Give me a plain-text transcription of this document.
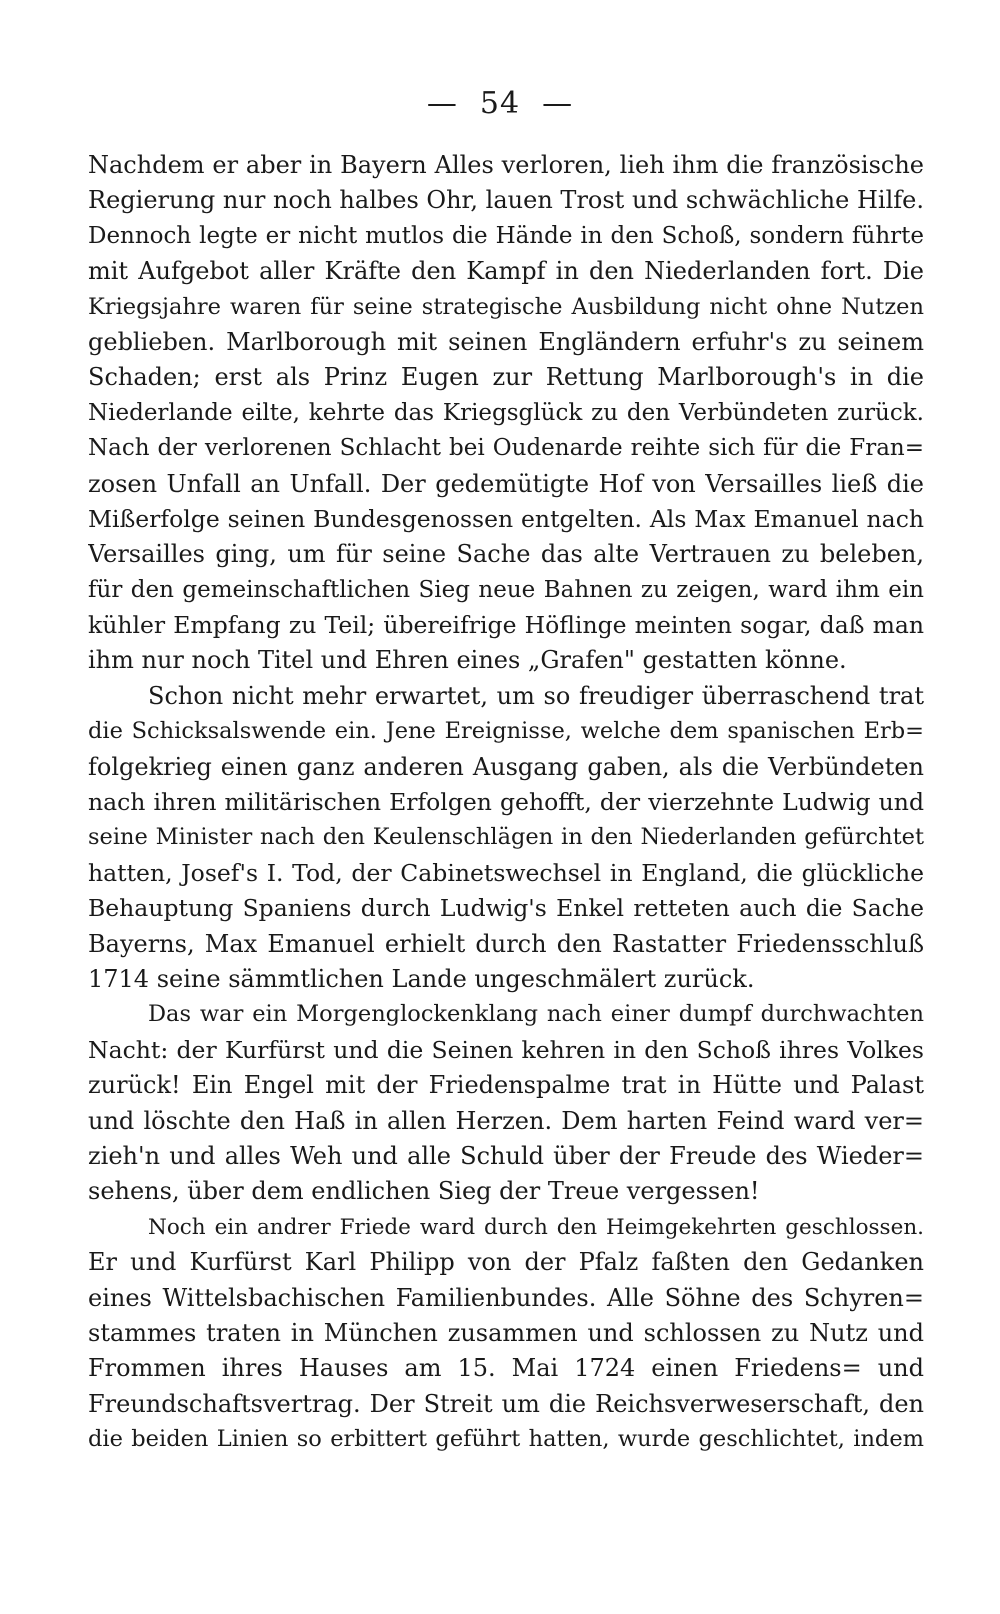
— 54 —
Nachdem er aber in Bayern Alles verloren, lieh ihm die französische
Regierung nur noch halbes Ohr, lauen Trost und schwächliche Hilfe.
Dennoch legte er nicht mutlos die Hände in den Schoß, sondern führte
mit Aufgebot aller Kräfte den Kampf in den Niederlanden fort. Die
Kriegsjahre waren für seine strategische Ausbildung nicht ohne Nutzen
geblieben. Marlborough mit seinen Engländern erfuhr's zu seinem
Schaden; erst als Prinz Eugen zur Rettung Marlborough's in die
Niederlande eilte, kehrte das Kriegsglück zu den Verbündeten zurück.
Nach der verlorenen Schlacht bei Oudenarde reihte sich für die Fran=
zosen Unfall an Unfall. Der gedemütigte Hof von Versailles ließ die
Mißerfolge seinen Bundesgenossen entgelten. Als Max Emanuel nach
Versailles ging, um für seine Sache das alte Vertrauen zu beleben,
für den gemeinschaftlichen Sieg neue Bahnen zu zeigen, ward ihm ein
kühler Empfang zu Teil; übereifrige Höflinge meinten sogar, daß man
ihm nur noch Titel und Ehren eines „Grafen" gestatten könne.
Schon nicht mehr erwartet, um so freudiger überraschend trat
die Schicksalswende ein. Jene Ereignisse, welche dem spanischen Erb=
folgekrieg einen ganz anderen Ausgang gaben, als die Verbündeten
nach ihren militärischen Erfolgen gehofft, der vierzehnte Ludwig und
seine Minister nach den Keulenschlägen in den Niederlanden gefürchtet
hatten, Josef's I. Tod, der Cabinetswechsel in England, die glückliche
Behauptung Spaniens durch Ludwig's Enkel retteten auch die Sache
Bayerns, Max Emanuel erhielt durch den Rastatter Friedensschluß
1714 seine sämmtlichen Lande ungeschmälert zurück.
Das war ein Morgenglockenklang nach einer dumpf durchwachten
Nacht: der Kurfürst und die Seinen kehren in den Schoß ihres Volkes
zurück! Ein Engel mit der Friedenspalme trat in Hütte und Palast
und löschte den Haß in allen Herzen. Dem harten Feind ward ver=
zieh'n und alles Weh und alle Schuld über der Freude des Wieder=
sehens, über dem endlichen Sieg der Treue vergessen!
Noch ein andrer Friede ward durch den Heimgekehrten geschlossen.
Er und Kurfürst Karl Philipp von der Pfalz faßten den Gedanken
eines Wittelsbachischen Familienbundes. Alle Söhne des Schyren=
stammes traten in München zusammen und schlossen zu Nutz und
Frommen ihres Hauses am 15. Mai 1724 einen Friedens= und
Freundschaftsvertrag. Der Streit um die Reichsverweserschaft, den
die beiden Linien so erbittert geführt hatten, wurde geschlichtet, indem
